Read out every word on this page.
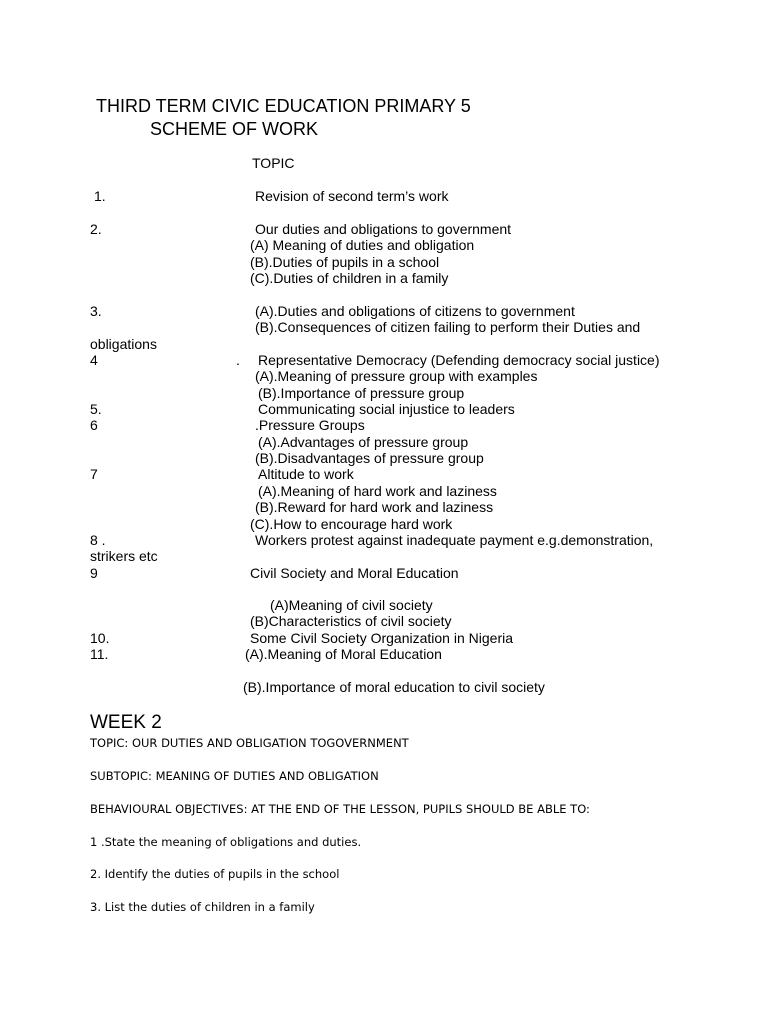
THIRD TERM CIVIC EDUCATION PRIMARY 5
SCHEME OF WORK
TOPIC
1.	Revision of second term’s work
2.	Our duties and obligations to government
(A) Meaning of duties and obligation
(B).Duties of pupils in a school
(C).Duties of children in a family
3.	(A).Duties and obligations of citizens to government
(B).Consequences of citizen failing to perform their Duties and
obligations
4	. Representative Democracy (Defending democracy social justice)
(A).Meaning of pressure group with examples
(B).Importance of pressure group
5.	Communicating social injustice to leaders
6	.Pressure Groups
(A).Advantages of pressure group
(B).Disadvantages of pressure group
7	Altitude to work
(A).Meaning of hard work and laziness
(B).Reward for hard work and laziness
(C).How to encourage hard work
8 .	Workers protest against inadequate payment e.g.demonstration,
strikers etc
9	Civil Society and Moral Education
(A)Meaning of civil society
(B)Characteristics of civil society
10.	Some Civil Society Organization in Nigeria
11.	(A).Meaning of Moral Education
(B).Importance of moral education to civil society
WEEK 2
TOPIC: OUR DUTIES AND OBLIGATION TOGOVERNMENT
SUBTOPIC: MEANING OF DUTIES AND OBLIGATION
BEHAVIOURAL OBJECTIVES: AT THE END OF THE LESSON, PUPILS SHOULD BE ABLE TO:
1 .State the meaning of obligations and duties.
2. Identify the duties of pupils in the school
3. List the duties of children in a family
